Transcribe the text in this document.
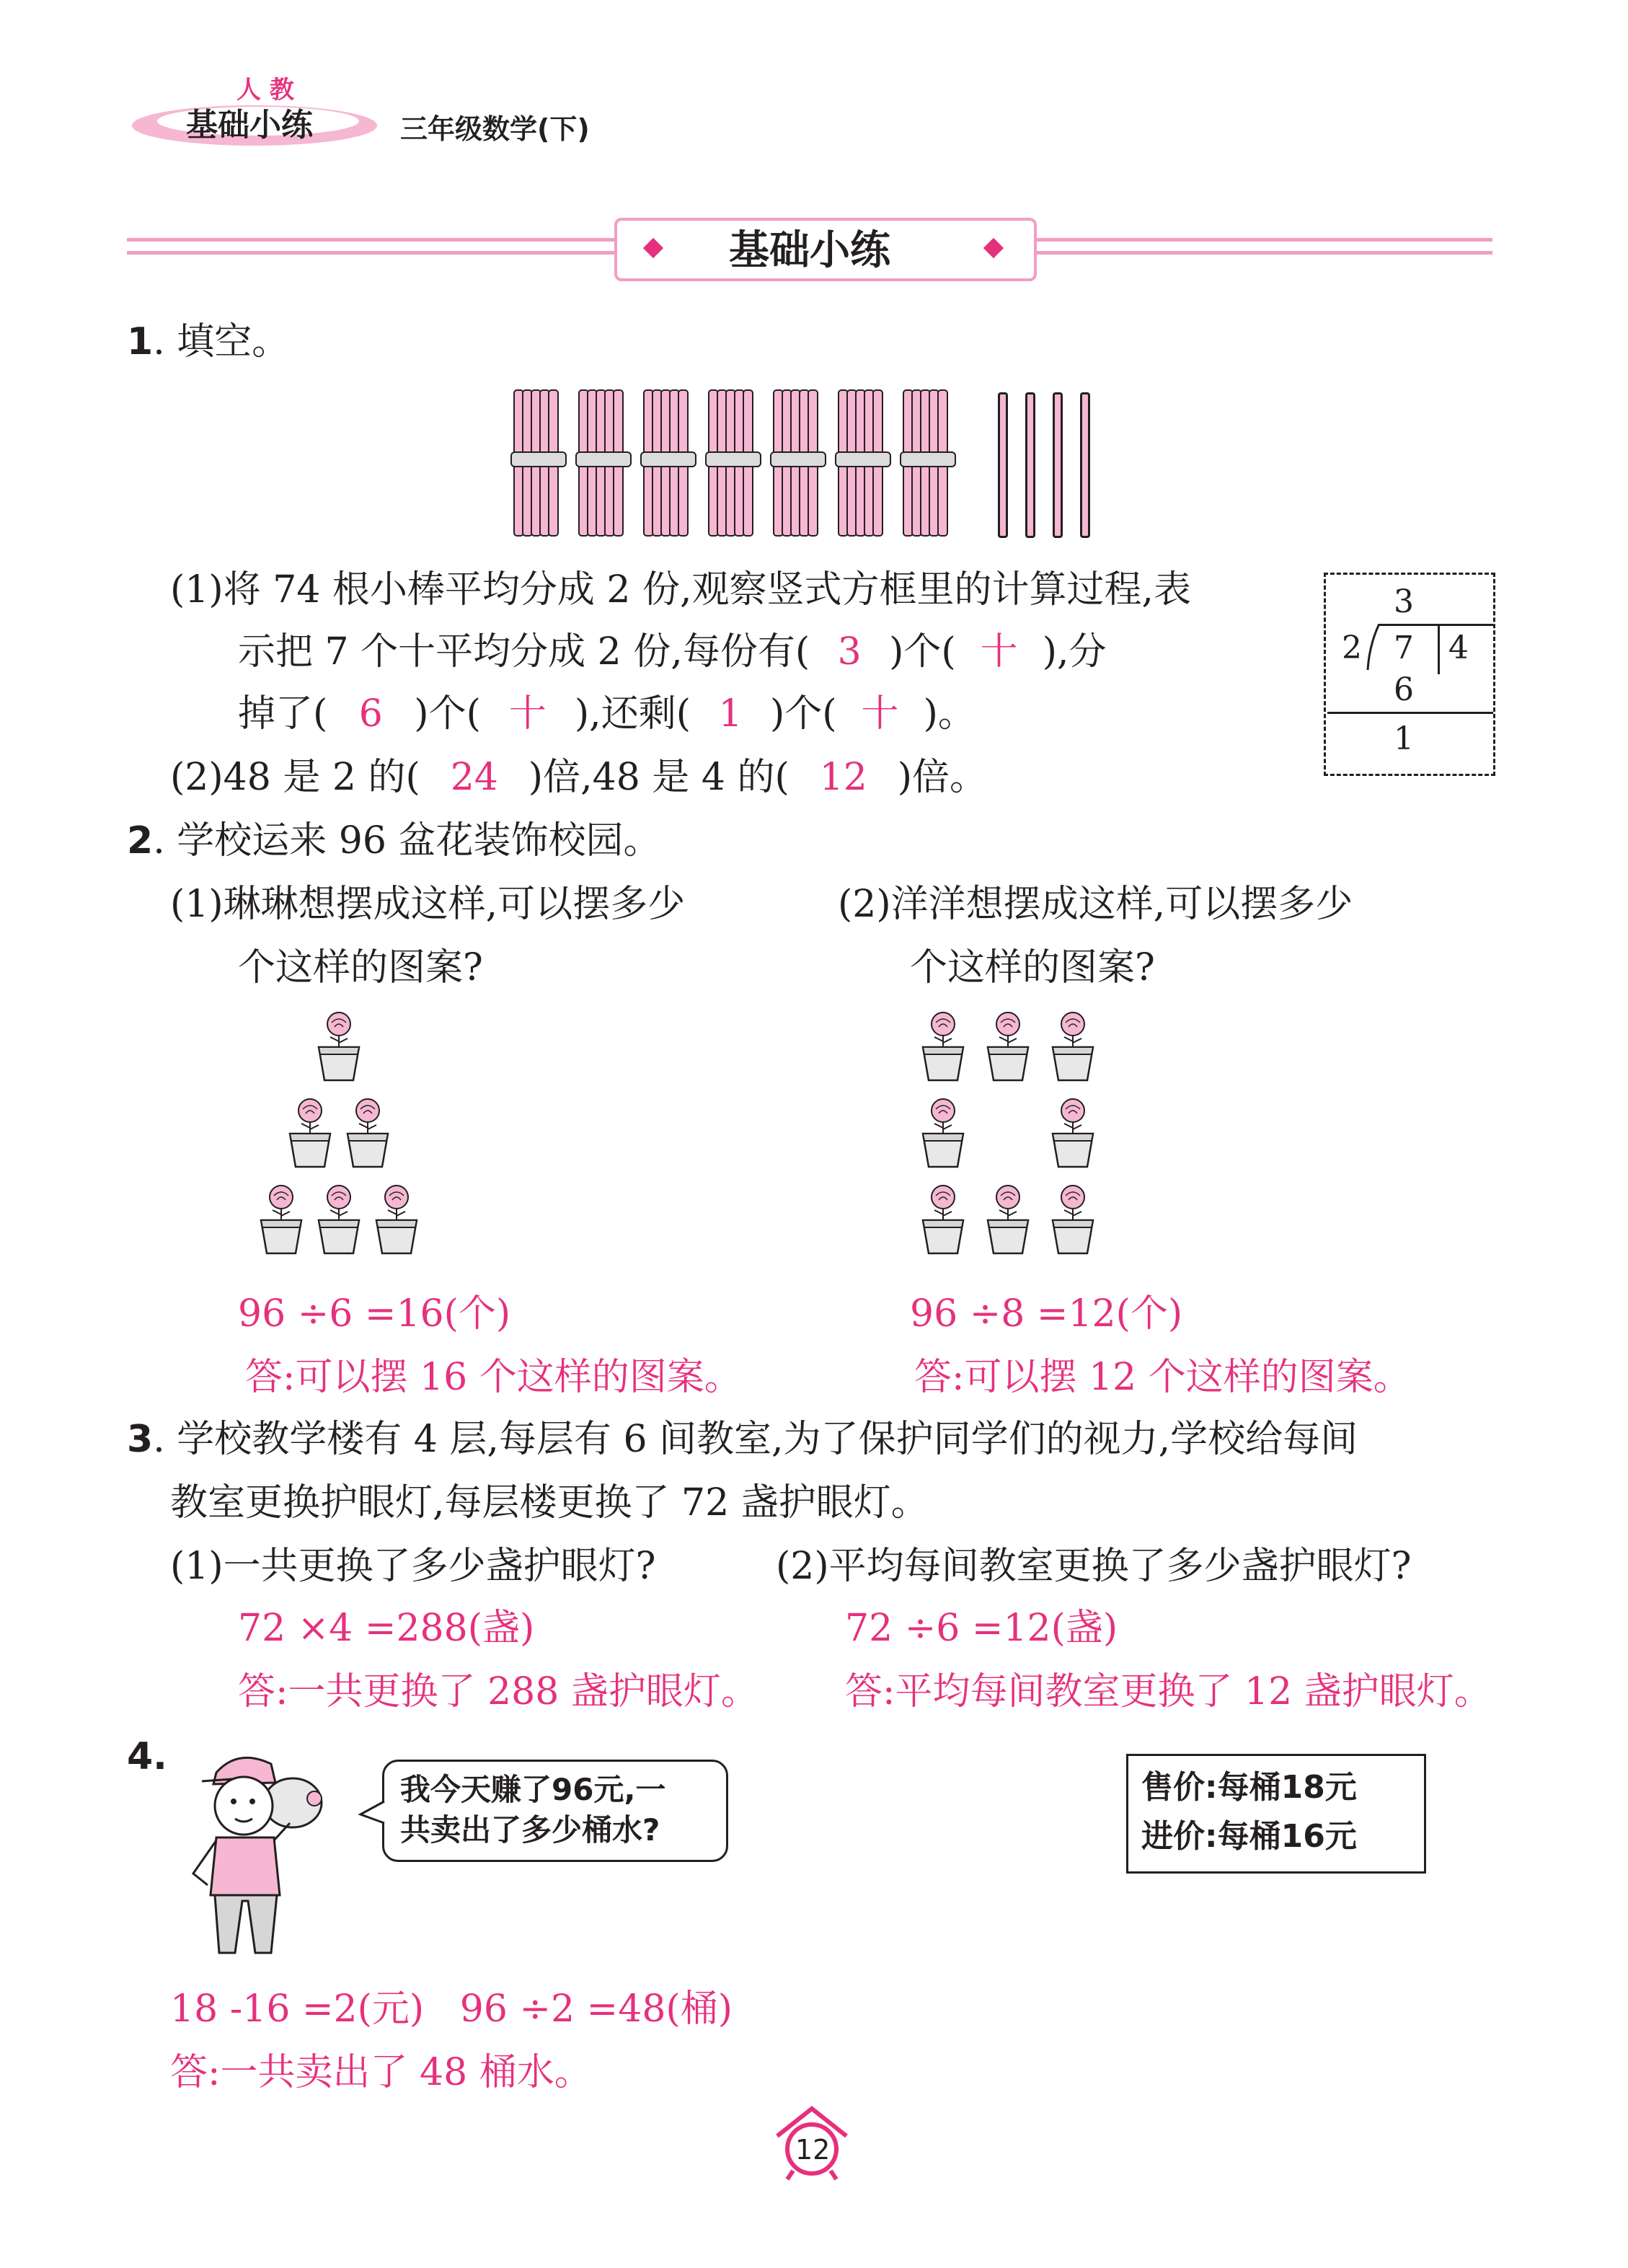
人 教
基础小练	三年级数学(下)
基础小练
1. 填空。
(1)将 74 根小棒平均分成 2 份,观察竖式方框里的计算过程,表
示把 7 个十平均分成 2 份,每份有( 3 )个( 十 ),分
掉了( 6 )个( 十 ),还剩( 1 )个( 十 )。
3
2 7 4
6
1
(2)48 是 2 的( 24 )倍,48 是 4 的( 12 )倍。
2. 学校运来 96 盆花装饰校园。
(1)琳琳想摆成这样,可以摆多少
个这样的图案?
(2)洋洋想摆成这样,可以摆多少
个这样的图案?
96 ÷6 =16(个)
答:可以摆 16 个这样的图案。
96 ÷8 =12(个)
答:可以摆 12 个这样的图案。
3. 学校教学楼有 4 层,每层有 6 间教室,为了保护同学们的视力,学校给每间
教室更换护眼灯,每层楼更换了 72 盏护眼灯。
(1)一共更换了多少盏护眼灯?	(2)平均每间教室更换了多少盏护眼灯?
72 ×4 =288(盏)
答:一共更换了 288 盏护眼灯。
72 ÷6 =12(盏)
答:平均每间教室更换了 12 盏护眼灯。
4.
我今天赚了96元,一
共卖出了多少桶水?
售价:每桶18元
进价:每桶16元
18 -16 =2(元)   96 ÷2 =48(桶)
答:一共卖出了 48 桶水。
12
